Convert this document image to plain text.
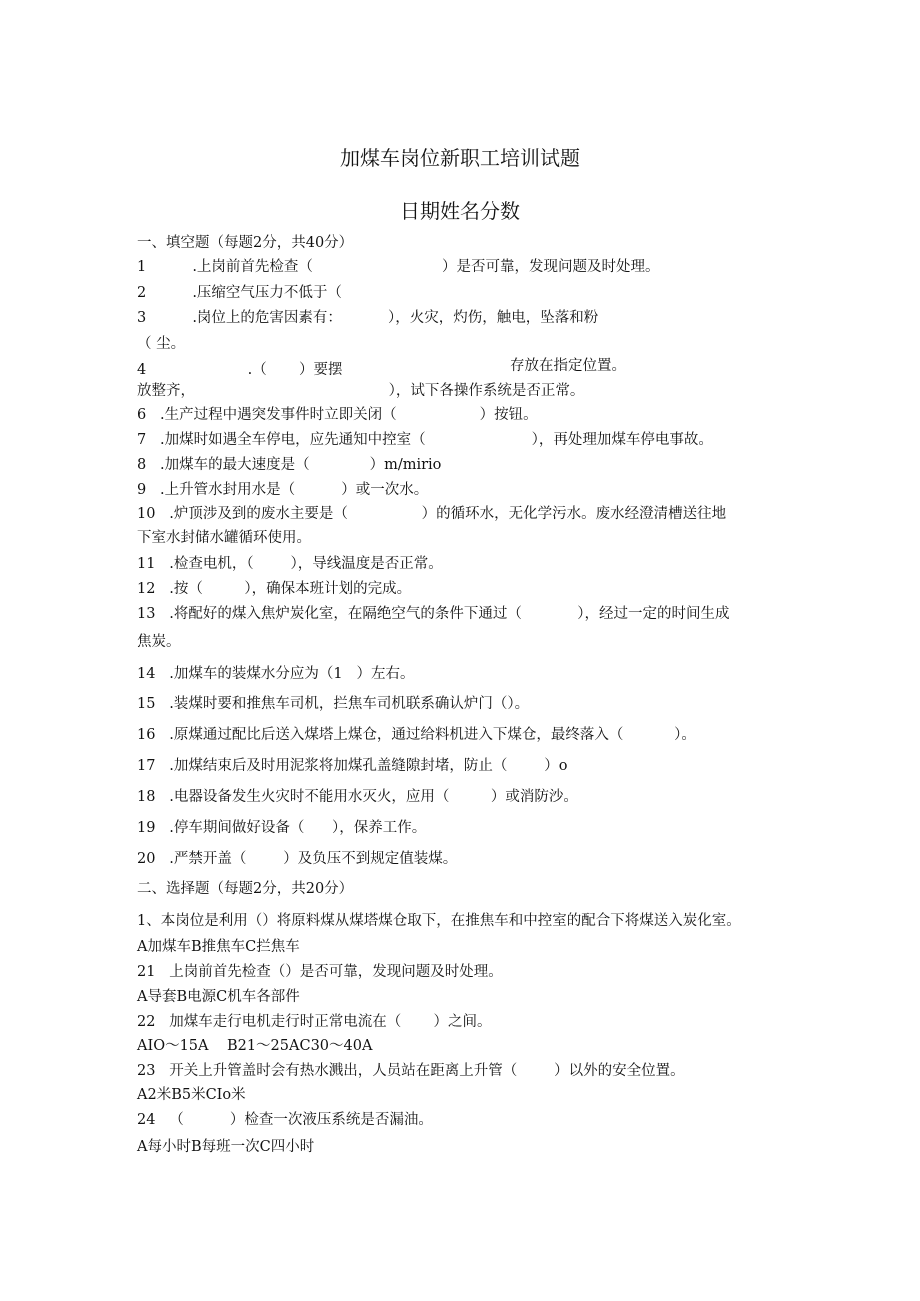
加煤车岗位新职工培训试题
日期姓名分数
一、填空题（每题2分，共40分）
1          .上岗前首先检查（                            ）是否可靠，发现问题及时处理。
2          .压缩空气压力不低于（
3          .岗位上的危害因素有：          ），火灾，灼伤，触电，坠落和粉
（ 尘。
4                      .（       ）要摆	存放在指定位置。
放整齐，                                          ），试下各操作系统是否正常。
6   .生产过程中遇突发事件时立即关闭（                  ）按钮。
7   .加煤时如遇全车停电，应先通知中控室（                       ），再处理加煤车停电事故。
8   .加煤车的最大速度是（             ）m/mirio
9   .上升管水封用水是（          ）或一次水。
10   .炉顶涉及到的废水主要是（                ）的循环水，无化学污水。废水经澄清槽送往地
下室水封储水罐循环使用。
11   .检查电机，（        ），导线温度是否正常。
12   .按（         ），确保本班计划的完成。
13   .将配好的煤入焦炉炭化室，在隔绝空气的条件下通过（            ），经过一定的时间生成
焦炭。
14   .加煤车的装煤水分应为（1   ）左右。
15   .装煤时要和推焦车司机，拦焦车司机联系确认炉门（）。
16   .原煤通过配比后送入煤塔上煤仓，通过给料机进入下煤仓，最终落入（           ）。
17   .加煤结束后及时用泥浆将加煤孔盖缝隙封堵，防止（        ）o
18   .电器设备发生火灾时不能用水灭火，应用（         ）或消防沙。
19   .停车期间做好设备（      ），保养工作。
20   .严禁开盖（        ）及负压不到规定值装煤。
二、选择题（每题2分，共20分）
1、本岗位是利用（）将原料煤从煤塔煤仓取下，在推焦车和中控室的配合下将煤送入炭化室。
A加煤车B推焦车C拦焦车
21   上岗前首先检查（）是否可靠，发现问题及时处理。
A导套B电源C机车各部件
22   加煤车走行电机走行时正常电流在（       ）之间。
AIO～15A    B21～25AC30～40A
23   开关上升管盖时会有热水溅出，人员站在距离上升管（        ）以外的安全位置。
A2米B5米CIo米
24   （          ）检查一次液压系统是否漏油。
A每小时B每班一次C四小时
